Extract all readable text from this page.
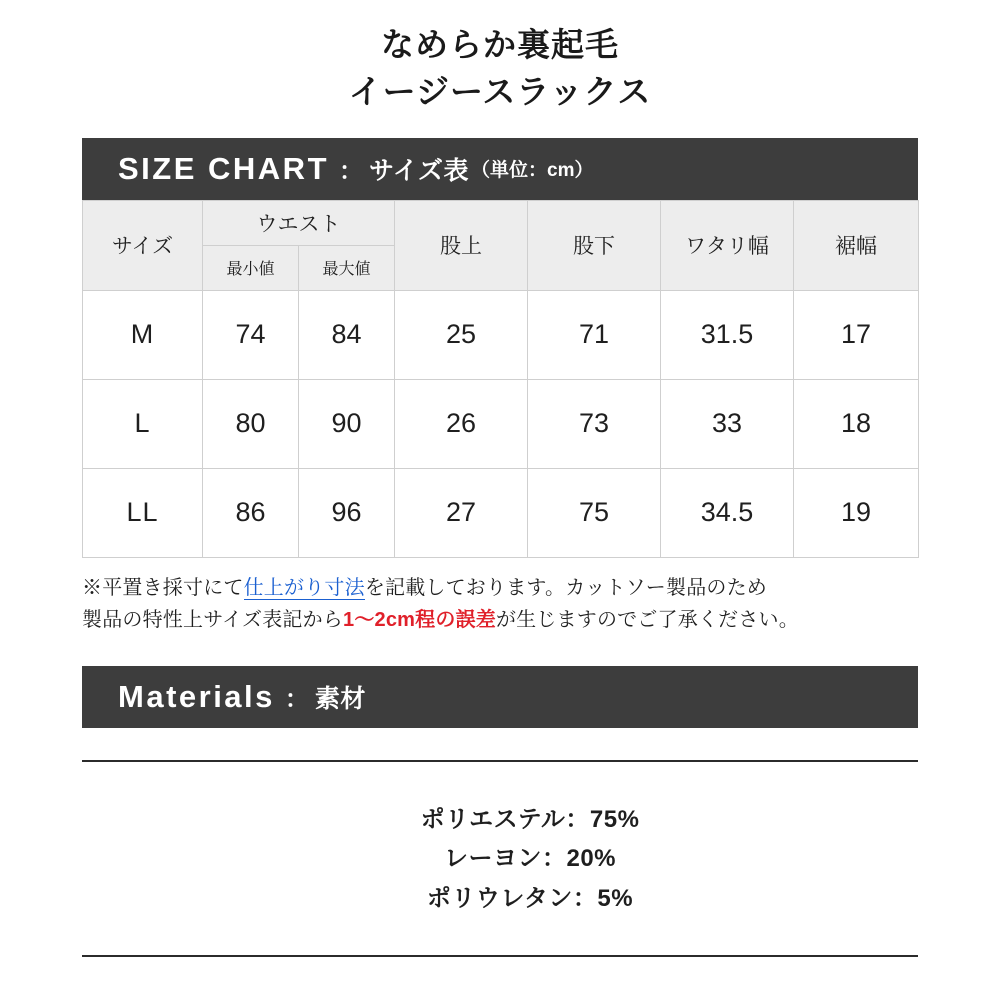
なめらか裏起毛
イージースラックス
SIZE CHART ： サイズ表 （単位：cm）
サイズ	ウエスト		股上	股下	ワタリ幅	裾幅
	最小値	最大値				
M	74	84	25	71	31.5	17
L	80	90	26	73	33	18
LL	86	96	27	75	34.5	19
※平置き採寸にて仕上がり寸法を記載しております。カットソー製品のため
製品の特性上サイズ表記から1〜2cm程の誤差が生じますのでご了承ください。
Materials ： 素材
ポリエステル：75%
レーヨン：20%
ポリウレタン：5%
